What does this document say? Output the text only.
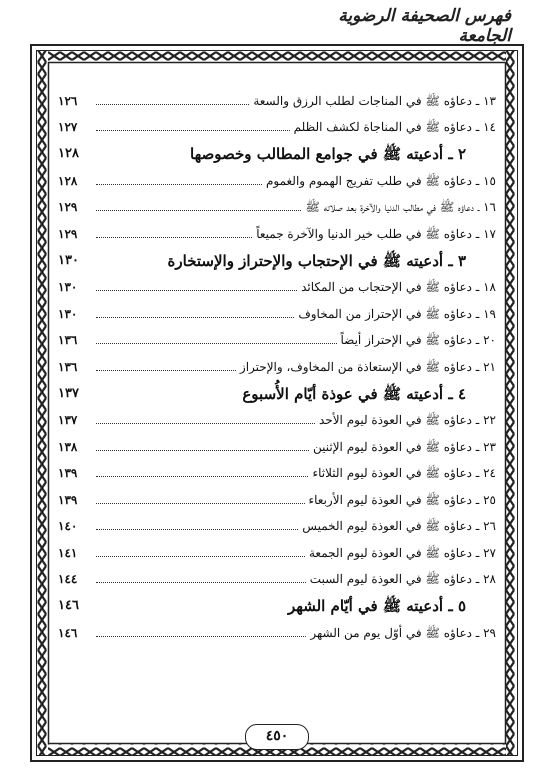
فهرس الصحيفة الرضوية الجامعة
١٣ ـ دعاؤه ﷺ في المناجات لطلب الرزق والسعة
١٢٦
١٤ ـ دعاؤه ﷺ في المناجاة لكشف الظلم
١٢٧
٢ ـ أدعيته ﷺ في جوامع المطالب وخصوصها
١٢٨
١٥ ـ دعاؤه ﷺ في طلب تفريج الهموم والغموم
١٢٨
١٦ ـ دعاؤه ﷺ في مطالب الدنيا والآخرة بعد صلاته ﷺ
١٢٩
١٧ ـ دعاؤه ﷺ في طلب خير الدنيا والآخرة جميعاً
١٢٩
٣ ـ أدعيته ﷺ في الإحتجاب والإحتراز والإستخارة
١٣٠
١٨ ـ دعاؤه ﷺ في الإحتجاب من المكائد
١٣٠
١٩ ـ دعاؤه ﷺ في الإحتراز من المخاوف
١٣٠
٢٠ ـ دعاؤه ﷺ في الإحتراز أيضاً
١٣٦
٢١ ـ دعاؤه ﷺ في الإستعاذة من المخاوف، والإحتراز
١٣٦
٤ ـ أدعيته ﷺ في عوذة أيّام الأُسبوع
١٣٧
٢٢ ـ دعاؤه ﷺ في العوذة ليوم الأحد
١٣٧
٢٣ ـ دعاؤه ﷺ في العوذة ليوم الإثنين
١٣٨
٢٤ ـ دعاؤه ﷺ في العوذة ليوم الثلاثاء
١٣٩
٢٥ ـ دعاؤه ﷺ في العوذة ليوم الأربعاء
١٣٩
٢٦ ـ دعاؤه ﷺ في العوذة ليوم الخميس
١٤٠
٢٧ ـ دعاؤه ﷺ في العوذة ليوم الجمعة
١٤١
٢٨ ـ دعاؤه ﷺ في العوذة ليوم السبت
١٤٤
٥ ـ أدعيته ﷺ في أيّام الشهر
١٤٦
٢٩ ـ دعاؤه ﷺ في أوّل يوم من الشهر
١٤٦
٤٥٠
